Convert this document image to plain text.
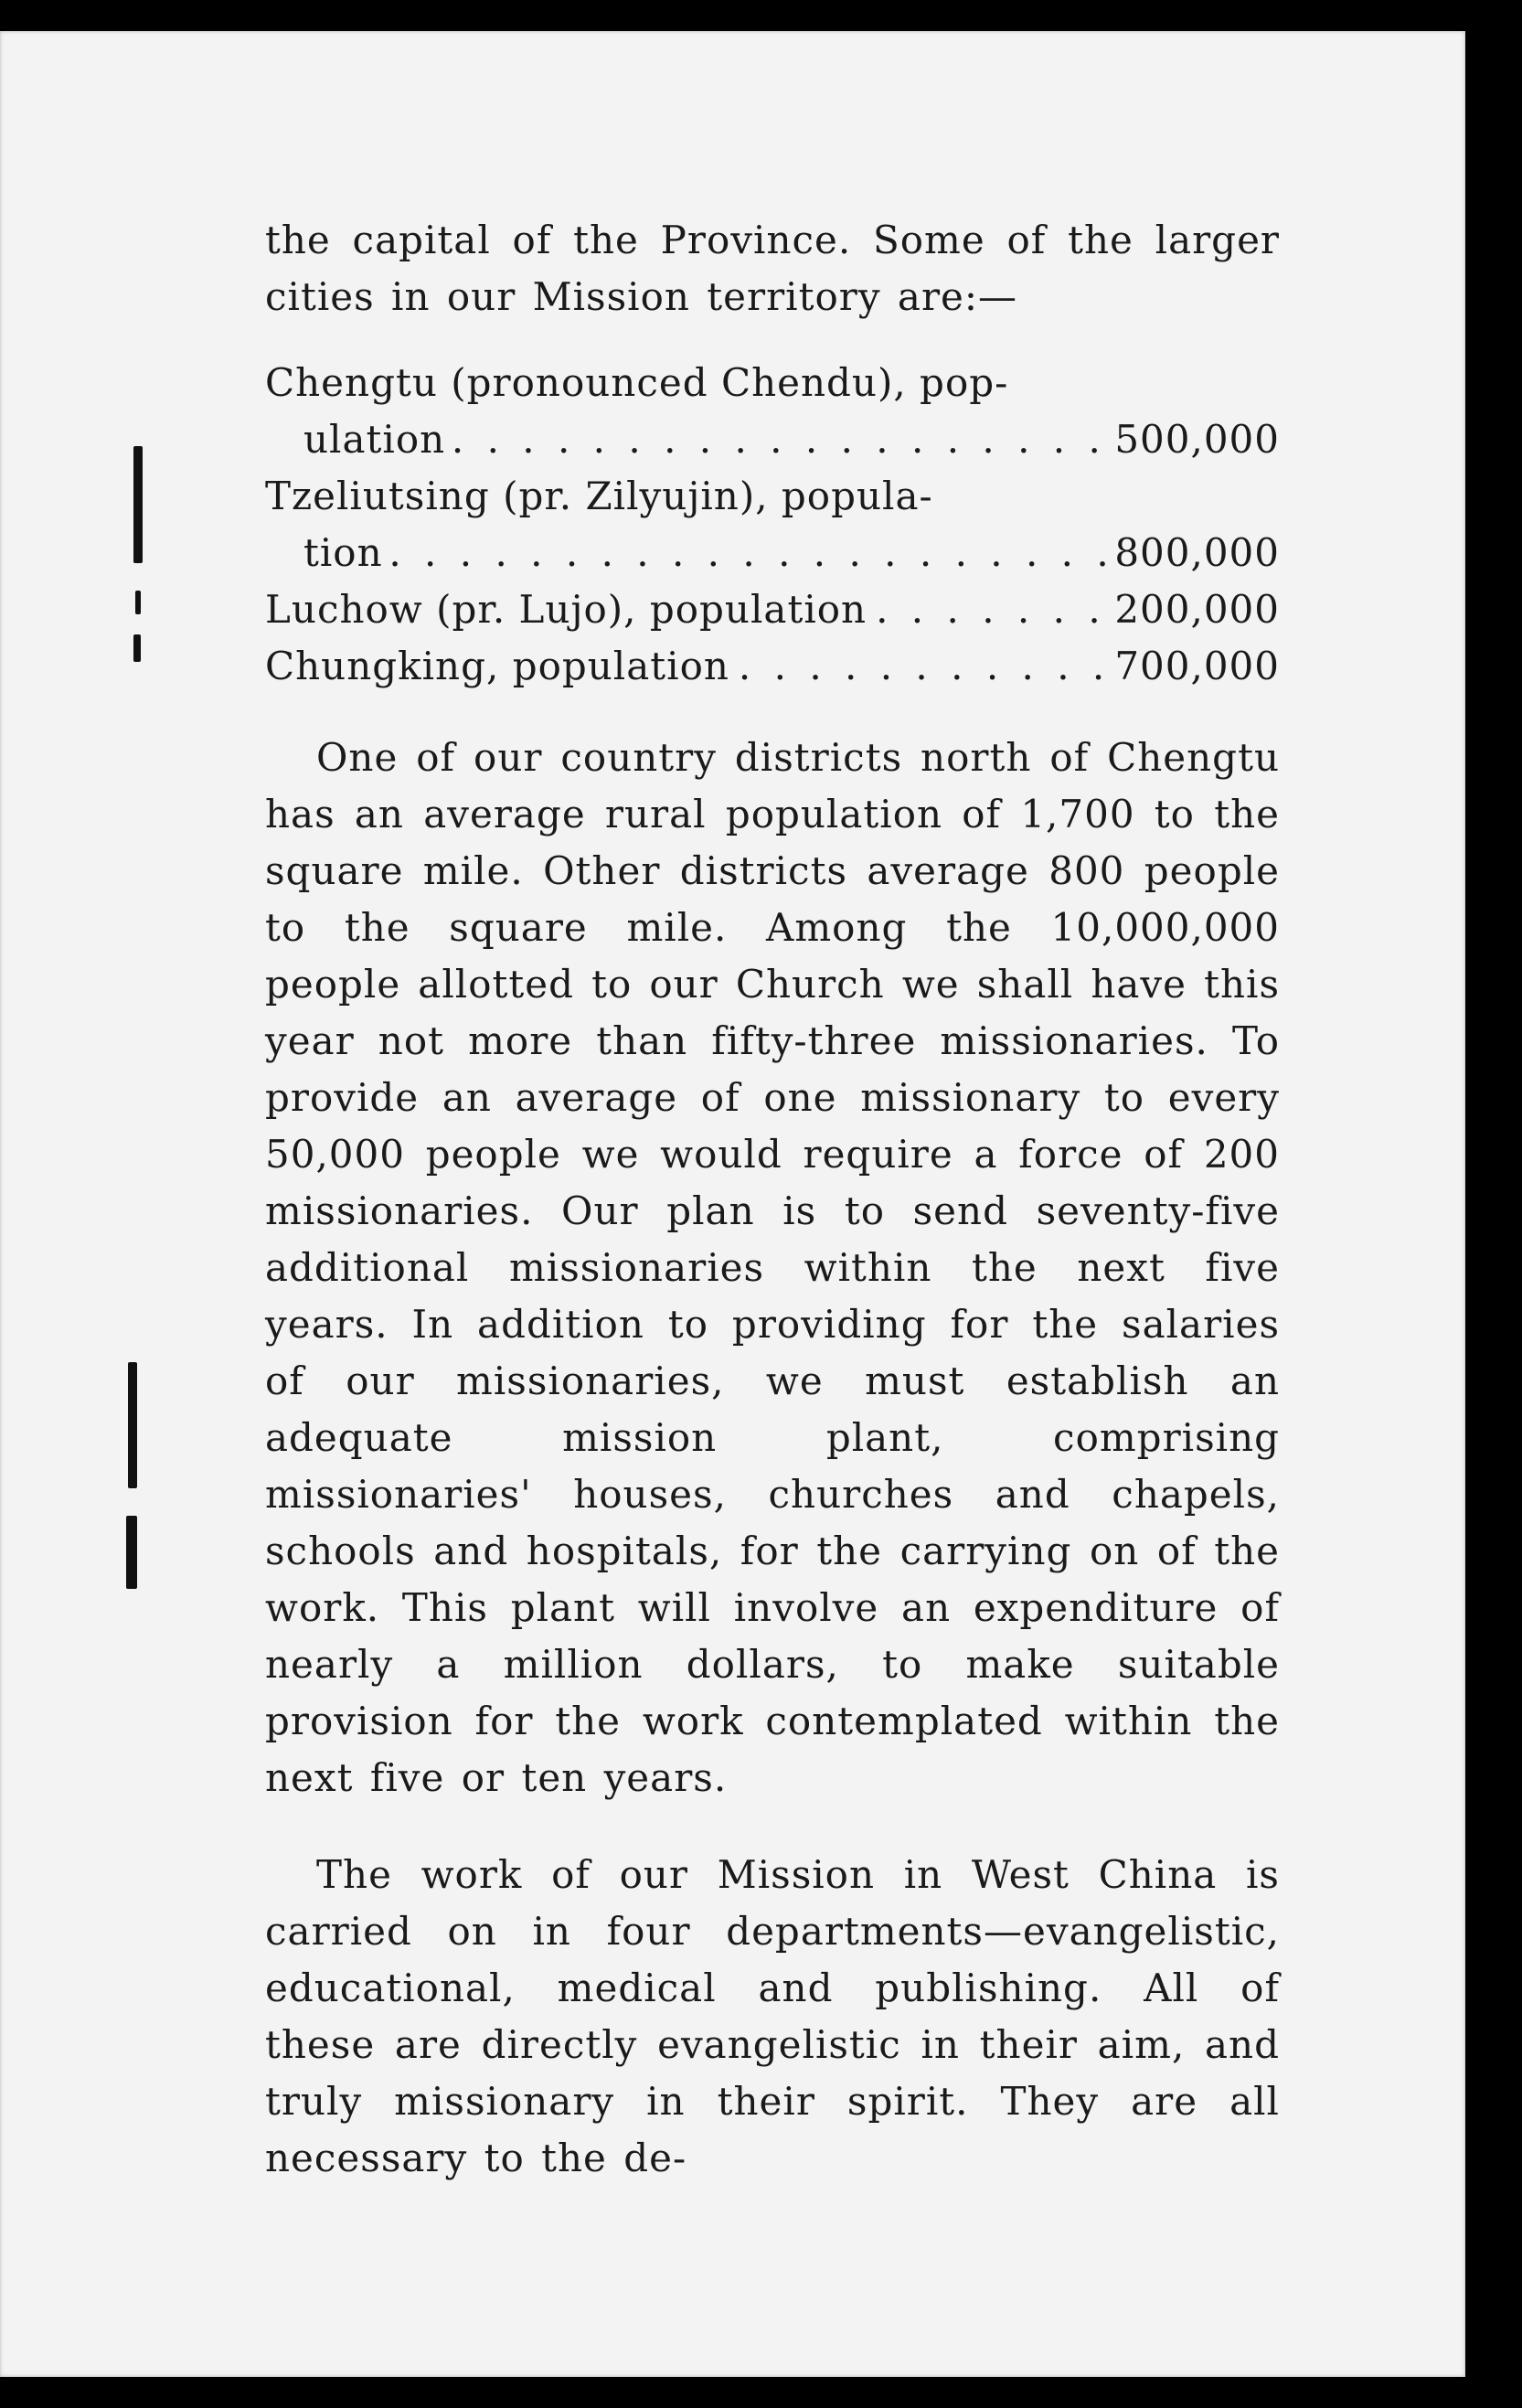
the capital of the Province. Some of the larger cities in our Mission territory are:—

Chengtu (pronounced Chendu), pop-
ulation . . .	500,000
Tzeliutsing (pr. Zilyujin), popula-
tion . . .	800,000
Luchow (pr. Lujo), population . . .	200,000
Chungking, population . . .	700,000

One of our country districts north of Chengtu has an average rural population of 1,700 to the square mile. Other districts average 800 people to the square mile. Among the 10,000,000 people allotted to our Church we shall have this year not more than fifty-three missionaries. To provide an average of one missionary to every 50,000 people we would require a force of 200 missionaries. Our plan is to send seventy-five additional missionaries within the next five years. In addition to providing for the salaries of our missionaries, we must establish an adequate mission plant, comprising missionaries' houses, churches and chapels, schools and hospitals, for the carrying on of the work. This plant will involve an expenditure of nearly a million dollars, to make suitable provision for the work contemplated within the next five or ten years.

The work of our Mission in West China is carried on in four departments—evangelistic, educational, medical and publishing. All of these are directly evangelistic in their aim, and truly missionary in their spirit. They are all necessary to the de-
